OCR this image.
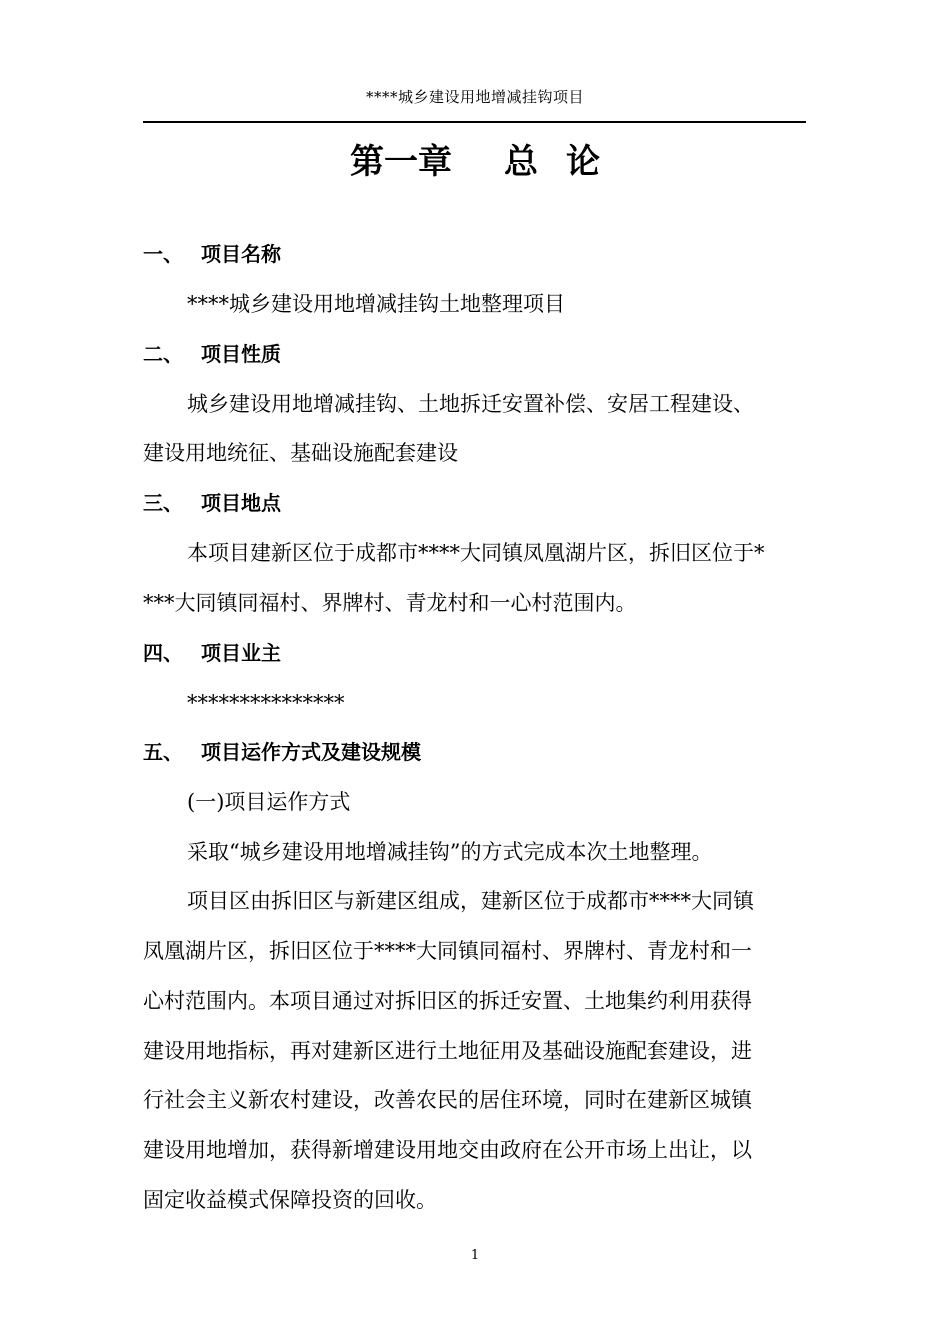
****城乡建设用地增减挂钩项目
第一章 总 论
一、 项目名称
****城乡建设用地增减挂钩土地整理项目
二、 项目性质
城乡建设用地增减挂钩、土地拆迁安置补偿、安居工程建设、
建设用地统征、基础设施配套建设
三、 项目地点
本项目建新区位于成都市****大同镇凤凰湖片区，拆旧区位于*
***大同镇同福村、界牌村、青龙村和一心村范围内。
四、 项目业主
***************
五、 项目运作方式及建设规模
(一)项目运作方式
采取“城乡建设用地增减挂钩”的方式完成本次土地整理。
项目区由拆旧区与新建区组成，建新区位于成都市****大同镇
凤凰湖片区，拆旧区位于****大同镇同福村、界牌村、青龙村和一
心村范围内。本项目通过对拆旧区的拆迁安置、土地集约利用获得
建设用地指标，再对建新区进行土地征用及基础设施配套建设，进
行社会主义新农村建设，改善农民的居住环境，同时在建新区城镇
建设用地增加，获得新增建设用地交由政府在公开市场上出让，以
固定收益模式保障投资的回收。
1
